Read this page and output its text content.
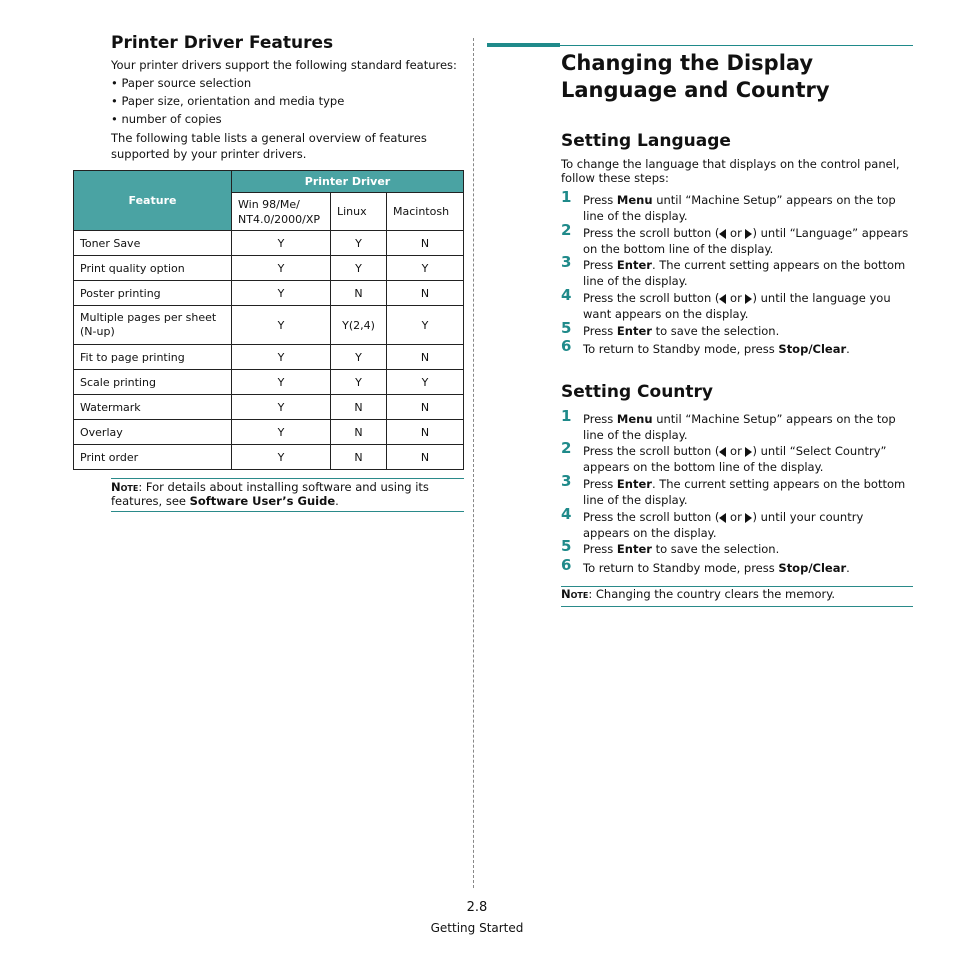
Printer Driver Features
Your printer drivers support the following standard features:
• Paper source selection
• Paper size, orientation and media type
• number of copies
The following table lists a general overview of features supported by your printer drivers.
Feature	Printer Driver		
	Win 98/Me/ NT4.0/2000/XP	Linux	Macintosh
Toner Save	Y	Y	N
Print quality option	Y	Y	Y
Poster printing	Y	N	N
Multiple pages per sheet (N-up)	Y	Y(2,4)	Y
Fit to page printing	Y	Y	N
Scale printing	Y	Y	Y
Watermark	Y	N	N
Overlay	Y	N	N
Print order	Y	N	N
Note: For details about installing software and using its features, see Software User’s Guide.
Changing the Display Language and Country
Setting Language
To change the language that displays on the control panel, follow these steps:
1 Press Menu until “Machine Setup” appears on the top line of the display.
2 Press the scroll button ( or ) until “Language” appears on the bottom line of the display.
3 Press Enter. The current setting appears on the bottom line of the display.
4 Press the scroll button ( or ) until the language you want appears on the display.
5 Press Enter to save the selection.
6 To return to Standby mode, press Stop/Clear.
Setting Country
1 Press Menu until “Machine Setup” appears on the top line of the display.
2 Press the scroll button ( or ) until “Select Country” appears on the bottom line of the display.
3 Press Enter. The current setting appears on the bottom line of the display.
4 Press the scroll button ( or ) until your country appears on the display.
5 Press Enter to save the selection.
6 To return to Standby mode, press Stop/Clear.
Note: Changing the country clears the memory.
2.8
Getting Started
